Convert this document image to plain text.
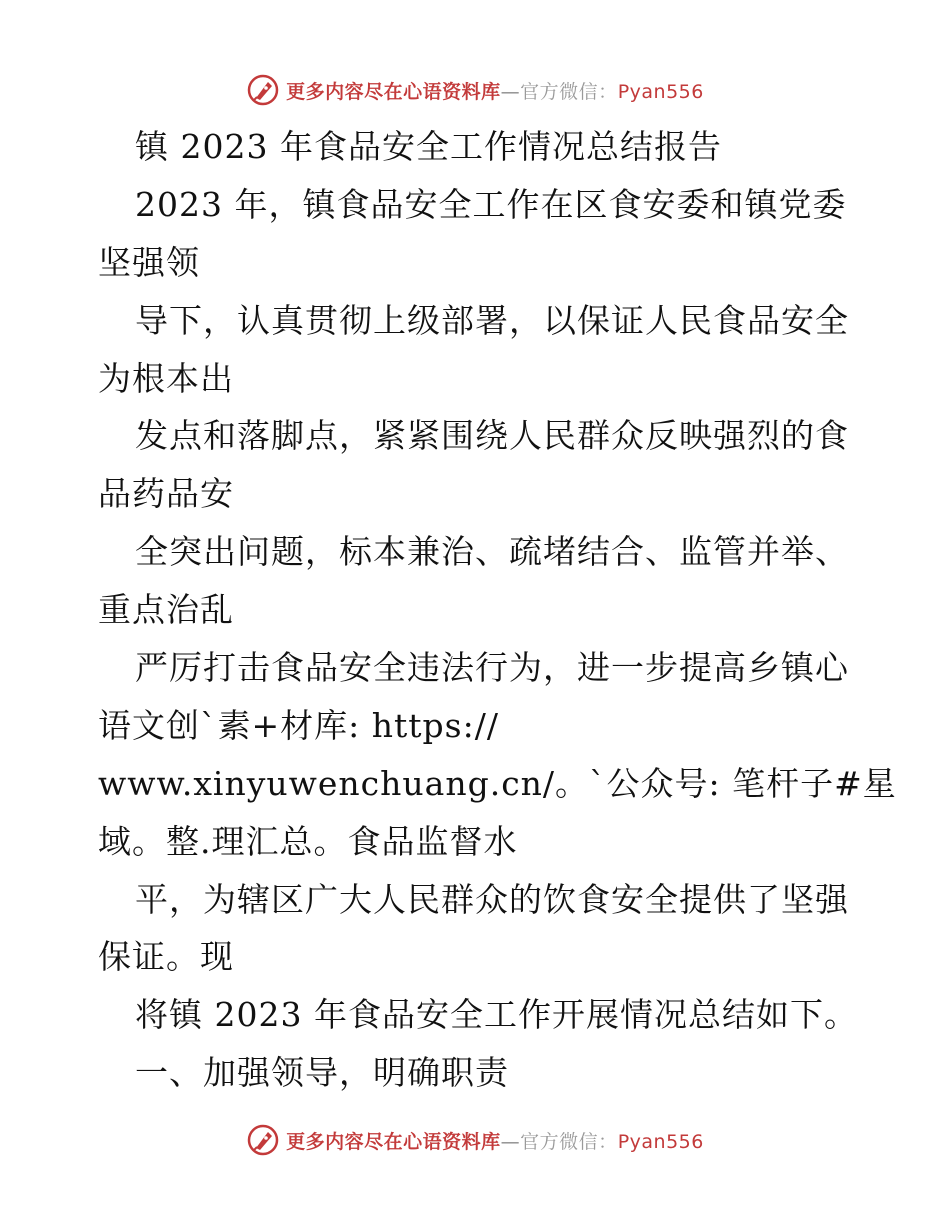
更多内容尽在心语资料库—官方微信：Pyan556
镇 2023 年食品安全工作情况总结报告
2023 年，镇食品安全工作在区食安委和镇党委
坚强领
导下，认真贯彻上级部署，以保证人民食品安全
为根本出
发点和落脚点，紧紧围绕人民群众反映强烈的食
品药品安
全突出问题，标本兼治、疏堵结合、监管并举、
重点治乱
严厉打击食品安全违法行为，进一步提高乡镇心
语文创`素+材库: https://
www.xinyuwenchuang.cn/。`公众号: 笔杆子#星
域。整.理汇总。食品监督水
平，为辖区广大人民群众的饮食安全提供了坚强
保证。现
将镇 2023 年食品安全工作开展情况总结如下。
一、加强领导，明确职责
更多内容尽在心语资料库—官方微信：Pyan556
